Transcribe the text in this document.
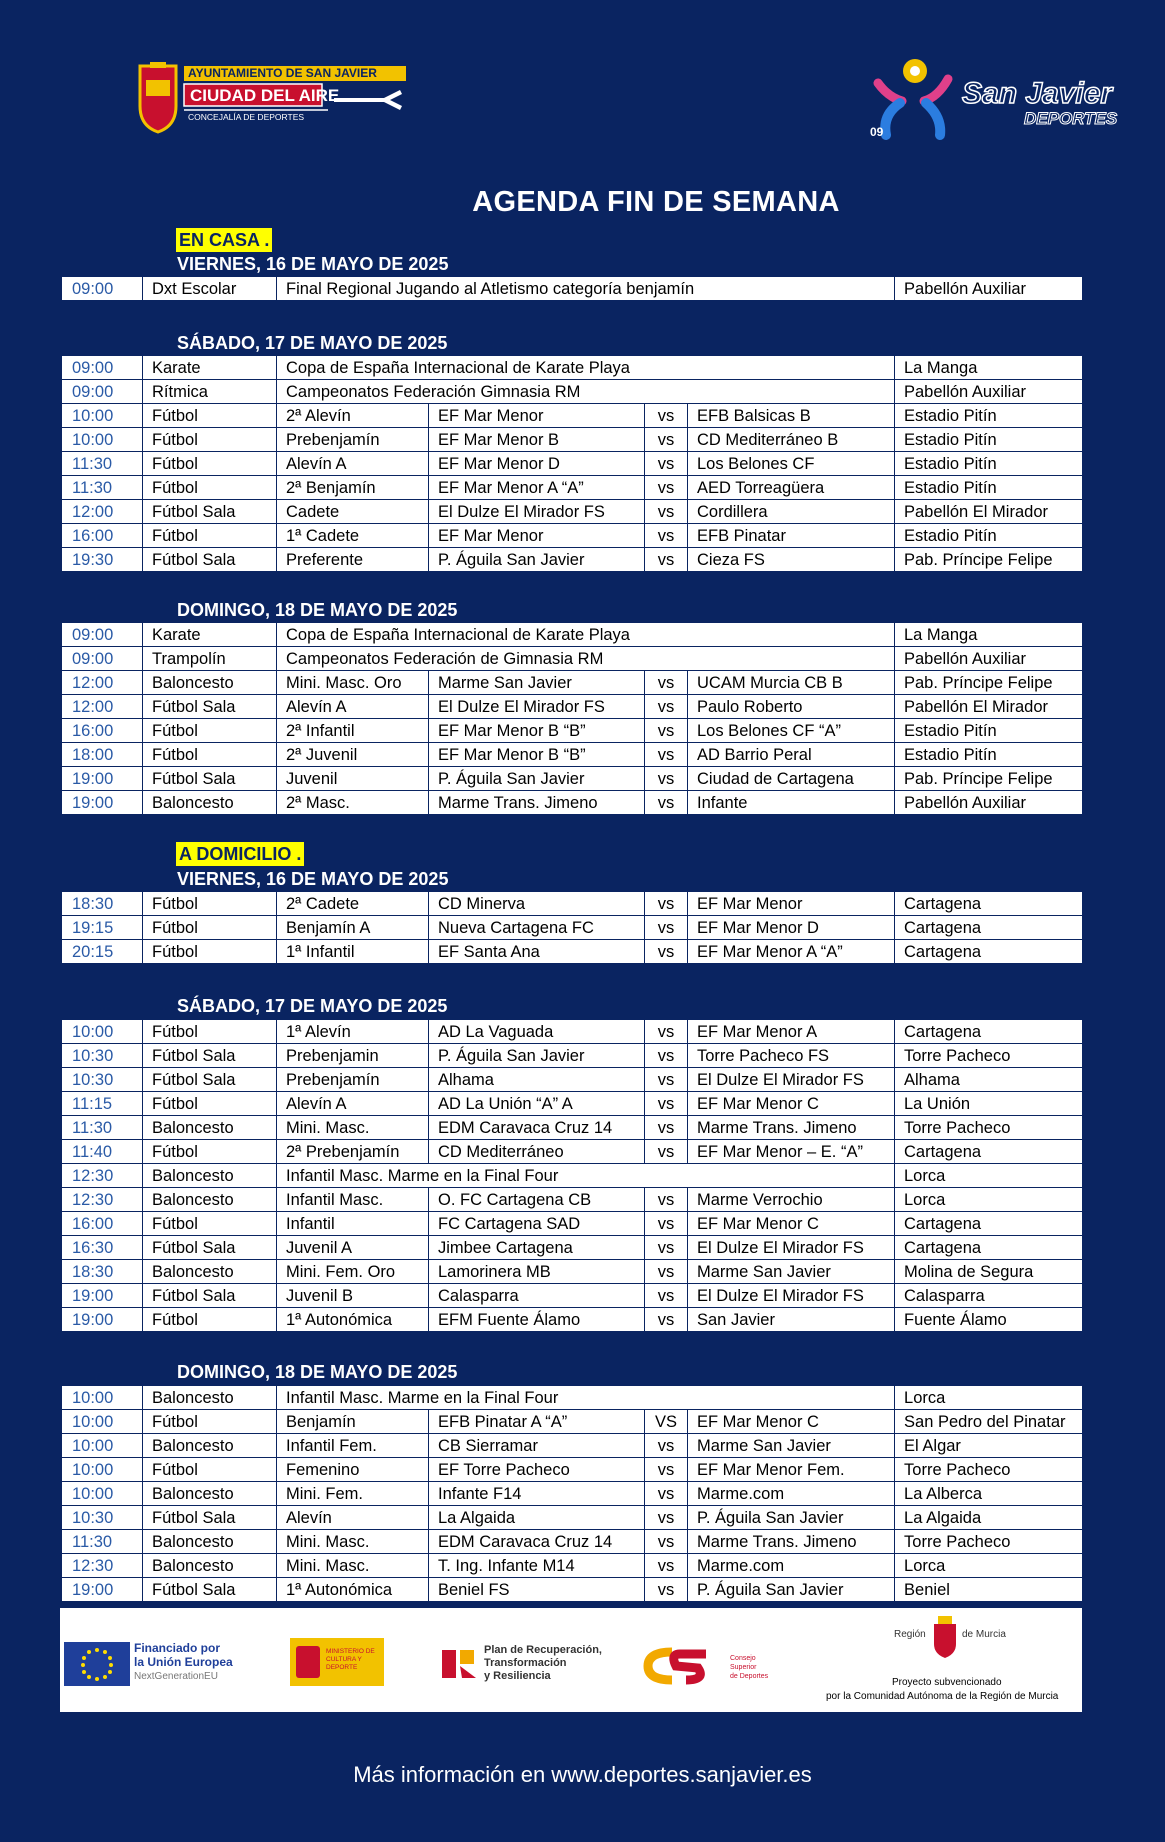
AYUNTAMIENTO DE SAN JAVIER
CIUDAD DEL AIRE
CONCEJALÍA DE DEPORTES
09
San Javier
DEPORTES
AGENDA FIN DE SEMANA
EN CASA .
VIERNES, 16 DE MAYO DE 2025
09:00	Dxt Escolar	Final Regional Jugando al Atletismo categoría benjamín	Pabellón Auxiliar
SÁBADO, 17 DE MAYO DE 2025
09:00	Karate	Copa de España Internacional de Karate Playa				La Manga
09:00	Rítmica	Campeonatos Federación Gimnasia RM				Pabellón Auxiliar
10:00	Fútbol	2ª Alevín	EF Mar Menor	vs	EFB Balsicas B	Estadio Pitín
10:00	Fútbol	Prebenjamín	EF Mar Menor B	vs	CD Mediterráneo B	Estadio Pitín
11:30	Fútbol	Alevín A	EF Mar Menor D	vs	Los Belones CF	Estadio Pitín
11:30	Fútbol	2ª Benjamín	EF Mar Menor A “A”	vs	AED Torreagüera	Estadio Pitín
12:00	Fútbol Sala	Cadete	El Dulze El Mirador FS	vs	Cordillera	Pabellón El Mirador
16:00	Fútbol	1ª Cadete	EF Mar Menor	vs	EFB Pinatar	Estadio Pitín
19:30	Fútbol Sala	Preferente	P. Águila San Javier	vs	Cieza FS	Pab. Príncipe Felipe
DOMINGO, 18 DE MAYO DE 2025
09:00	Karate	Copa de España Internacional de Karate Playa				La Manga
09:00	Trampolín	Campeonatos Federación de Gimnasia RM				Pabellón Auxiliar
12:00	Baloncesto	Mini. Masc. Oro	Marme San Javier	vs	UCAM Murcia CB B	Pab. Príncipe Felipe
12:00	Fútbol Sala	Alevín A	El Dulze El Mirador FS	vs	Paulo Roberto	Pabellón El Mirador
16:00	Fútbol	2ª Infantil	EF Mar Menor B “B”	vs	Los Belones CF “A”	Estadio Pitín
18:00	Fútbol	2ª Juvenil	EF Mar Menor B “B”	vs	AD Barrio Peral	Estadio Pitín
19:00	Fútbol Sala	Juvenil	P. Águila San Javier	vs	Ciudad de Cartagena	Pab. Príncipe Felipe
19:00	Baloncesto	2ª Masc.	Marme Trans. Jimeno	vs	Infante	Pabellón Auxiliar
A DOMICILIO .
VIERNES, 16 DE MAYO DE 2025
18:30	Fútbol	2ª Cadete	CD Minerva	vs	EF Mar Menor	Cartagena
19:15	Fútbol	Benjamín A	Nueva Cartagena FC	vs	EF Mar Menor D	Cartagena
20:15	Fútbol	1ª Infantil	EF Santa Ana	vs	EF Mar Menor A “A”	Cartagena
SÁBADO, 17 DE MAYO DE 2025
10:00	Fútbol	1ª Alevín	AD La Vaguada	vs	EF Mar Menor A	Cartagena
10:30	Fútbol Sala	Prebenjamin	P. Águila San Javier	vs	Torre Pacheco FS	Torre Pacheco
10:30	Fútbol Sala	Prebenjamín	Alhama	vs	El Dulze El Mirador FS	Alhama
11:15	Fútbol	Alevín A	AD La Unión “A” A	vs	EF Mar Menor C	La Unión
11:30	Baloncesto	Mini. Masc.	EDM Caravaca Cruz 14	vs	Marme Trans. Jimeno	Torre Pacheco
11:40	Fútbol	2ª Prebenjamín	CD Mediterráneo	vs	EF Mar Menor – E. “A”	Cartagena
12:30	Baloncesto	Infantil Masc. Marme en la Final Four				Lorca
12:30	Baloncesto	Infantil Masc.	O. FC Cartagena CB	vs	Marme Verrochio	Lorca
16:00	Fútbol	Infantil	FC Cartagena SAD	vs	EF Mar Menor C	Cartagena
16:30	Fútbol Sala	Juvenil A	Jimbee Cartagena	vs	El Dulze El Mirador FS	Cartagena
18:30	Baloncesto	Mini. Fem. Oro	Lamorinera MB	vs	Marme San Javier	Molina de Segura
19:00	Fútbol Sala	Juvenil B	Calasparra	vs	El Dulze El Mirador FS	Calasparra
19:00	Fútbol	1ª Autonómica	EFM Fuente Álamo	vs	San Javier	Fuente Álamo
DOMINGO, 18 DE MAYO DE 2025
10:00	Baloncesto	Infantil Masc. Marme en la Final Four				Lorca
10:00	Fútbol	Benjamín	EFB Pinatar A “A”	VS	EF Mar Menor C	San Pedro del Pinatar
10:00	Baloncesto	Infantil Fem.	CB Sierramar	vs	Marme San Javier	El Algar
10:00	Fútbol	Femenino	EF Torre Pacheco	vs	EF Mar Menor Fem.	Torre Pacheco
10:00	Baloncesto	Mini. Fem.	Infante F14	vs	Marme.com	La Alberca
10:30	Fútbol Sala	Alevín	La Algaida	vs	P. Águila San Javier	La Algaida
11:30	Baloncesto	Mini. Masc.	EDM Caravaca Cruz 14	vs	Marme Trans. Jimeno	Torre Pacheco
12:30	Baloncesto	Mini. Masc.	T. Ing. Infante M14	vs	Marme.com	Lorca
19:00	Fútbol Sala	1ª Autonómica	Beniel FS	vs	P. Águila San Javier	Beniel
Financiado por
la Unión Europea
NextGenerationEU
MINISTERIO DE CULTURA Y DEPORTE
Plan de Recuperación,
Transformación
y Resiliencia
Consejo
Superior
de Deportes
Región	de Murcia
Proyecto subvencionado
por la Comunidad Autónoma de la Región de Murcia
Más información en www.deportes.sanjavier.es
